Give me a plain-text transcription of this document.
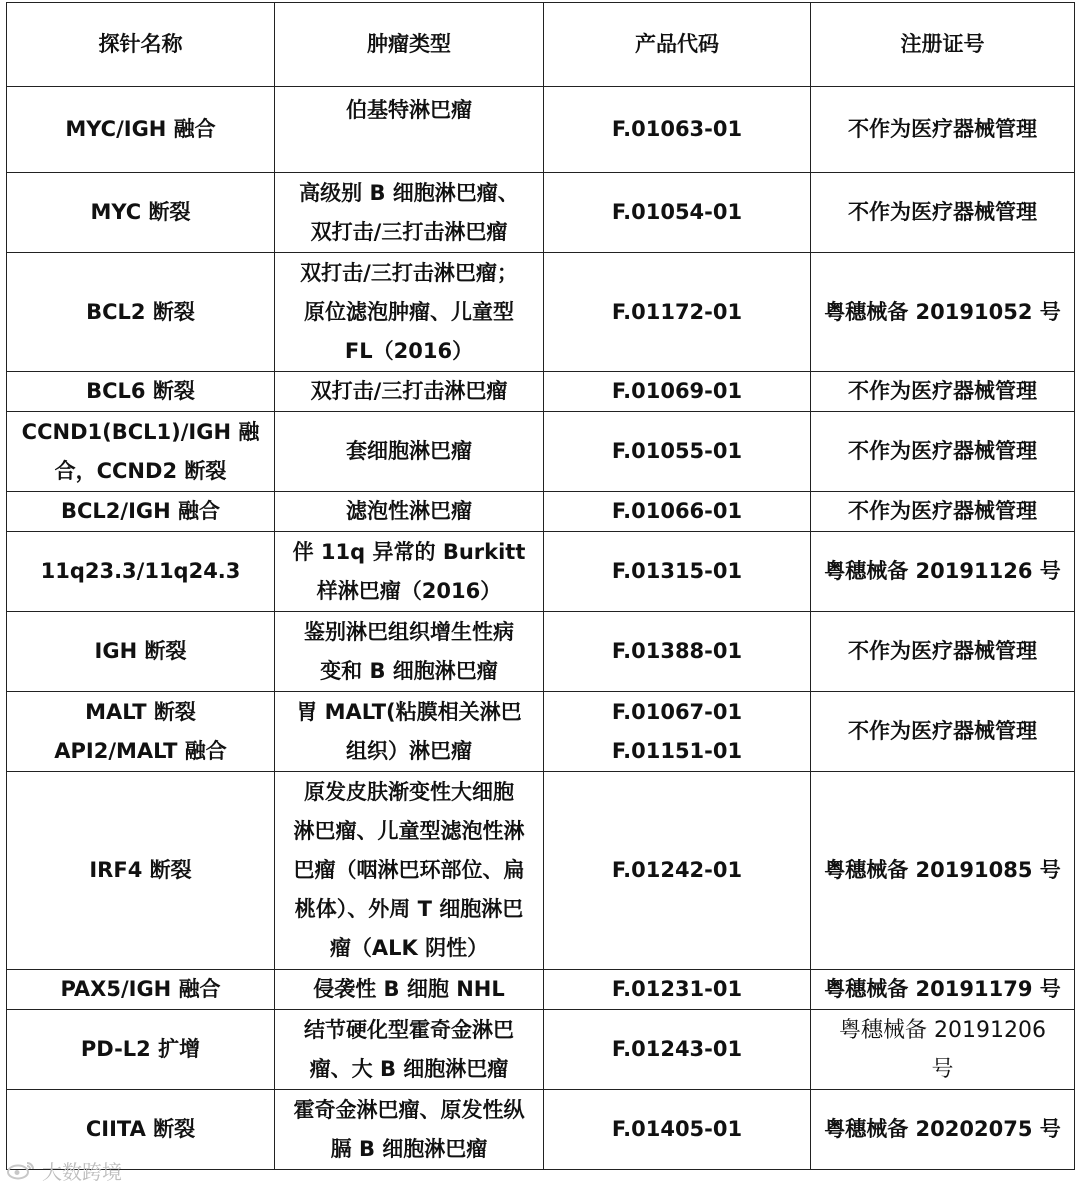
探针名称	肿瘤类型	产品代码	注册证号
MYC/IGH 融合	伯基特淋巴瘤	F.01063-01	不作为医疗器械管理
MYC 断裂	高级别 B 细胞淋巴瘤、
双打击/三打击淋巴瘤	F.01054-01	不作为医疗器械管理
BCL2 断裂	双打击/三打击淋巴瘤；
原位滤泡肿瘤、儿童型
FL（2016）	F.01172-01	粤穗械备 20191052 号
BCL6 断裂	双打击/三打击淋巴瘤	F.01069-01	不作为医疗器械管理
CCND1(BCL1)/IGH 融
合，CCND2 断裂	套细胞淋巴瘤	F.01055-01	不作为医疗器械管理
BCL2/IGH 融合	滤泡性淋巴瘤	F.01066-01	不作为医疗器械管理
11q23.3/11q24.3	伴 11q 异常的 Burkitt
样淋巴瘤（2016）	F.01315-01	粤穗械备 20191126 号
IGH 断裂	鉴别淋巴组织增生性病
变和 B 细胞淋巴瘤	F.01388-01	不作为医疗器械管理
MALT 断裂
API2/MALT 融合	胃 MALT(粘膜相关淋巴
组织）淋巴瘤	F.01067-01
F.01151-01	不作为医疗器械管理
IRF4 断裂	原发皮肤渐变性大细胞
淋巴瘤、儿童型滤泡性淋
巴瘤（咽淋巴环部位、扁
桃体）、外周 T 细胞淋巴
瘤（ALK 阴性）	F.01242-01	粤穗械备 20191085 号
PAX5/IGH 融合	侵袭性 B 细胞 NHL	F.01231-01	粤穗械备 20191179 号
PD-L2 扩增	结节硬化型霍奇金淋巴
瘤、大 B 细胞淋巴瘤	F.01243-01	粤穗械备 20191206
号
CIITA 断裂	霍奇金淋巴瘤、原发性纵
膈 B 细胞淋巴瘤	F.01405-01	粤穗械备 20202075 号
大数跨境
